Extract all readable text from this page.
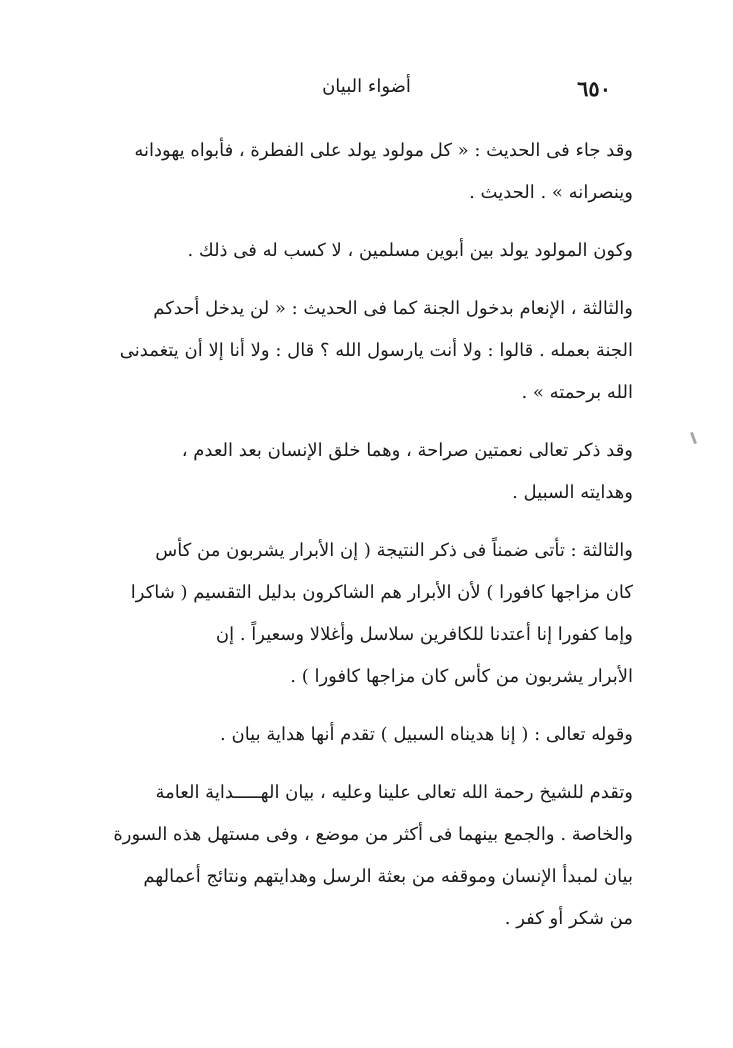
٦٥٠
أضواء البيان

وقد جاء فى الحديث : « كل مولود يولد على الفطرة ، فأبواه يهودانه
وينصرانه » . الحديث .

وكون المولود يولد بين أبوين مسلمين ، لا كسب له فى ذلك .

والثالثة ، الإنعام بدخول الجنة كما فى الحديث : « لن يدخل أحدكم
الجنة بعمله . قالوا : ولا أنت يارسول الله ؟ قال : ولا أنا إلا أن يتغمدنى
الله برحمته » .

وقد ذكر تعالى نعمتين صراحة ، وهما خلق الإنسان بعد العدم ،
وهدايته السبيل .

والثالثة : تأتى ضمناً فى ذكر النتيجة ( إن الأبرار يشربون من كأس
كان مزاجها كافورا ) لأن الأبرار هم الشاكرون بدليل التقسيم ( شاكرا
وإما كفورا إنا أعتدنا للكافرين سلاسل وأغلالا وسعيراً . إن
الأبرار يشربون من كأس كان مزاجها كافورا ) .

وقوله تعالى : ( إنا هديناه السبيل ) تقدم أنها هداية بيان .

وتقدم للشيخ رحمة الله تعالى علينا وعليه ، بيان الهـــــداية العامة
والخاصة . والجمع بينهما فى أكثر من موضع ، وفى مستهل هذه السورة
بيان لمبدأ الإنسان وموقفه من بعثة الرسل وهدايتهم ونتائج أعمالهم
من شكر أو كفر .
